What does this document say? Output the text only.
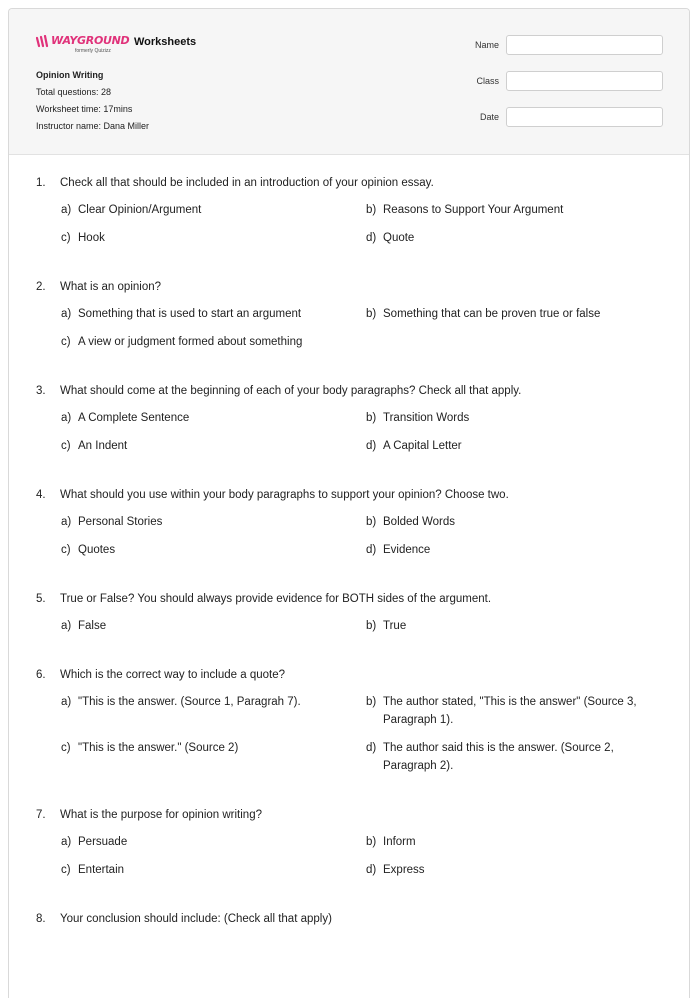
WAYGROUND
formerly Quizizz
Worksheets
Opinion Writing
Total questions: 28
Worksheet time: 17mins
Instructor name: Dana Miller
Name
Class
Date
1.	Check all that should be included in an introduction of your opinion essay.
a) Clear Opinion/Argument	b) Reasons to Support Your Argument
c) Hook	d) Quote
2.	What is an opinion?
a) Something that is used to start an argument	b) Something that can be proven true or false
c) A view or judgment formed about something
3.	What should come at the beginning of each of your body paragraphs? Check all that apply.
a) A Complete Sentence	b) Transition Words
c) An Indent	d) A Capital Letter
4.	What should you use within your body paragraphs to support your opinion? Choose two.
a) Personal Stories	b) Bolded Words
c) Quotes	d) Evidence
5.	True or False? You should always provide evidence for BOTH sides of the argument.
a) False	b) True
6.	Which is the correct way to include a quote?
a) "This is the answer. (Source 1, Paragrah 7).	b) The author stated, "This is the answer" (Source 3, Paragraph 1).
c) "This is the answer." (Source 2)	d) The author said this is the answer. (Source 2, Paragraph 2).
7.	What is the purpose for opinion writing?
a) Persuade	b) Inform
c) Entertain	d) Express
8.	Your conclusion should include: (Check all that apply)
